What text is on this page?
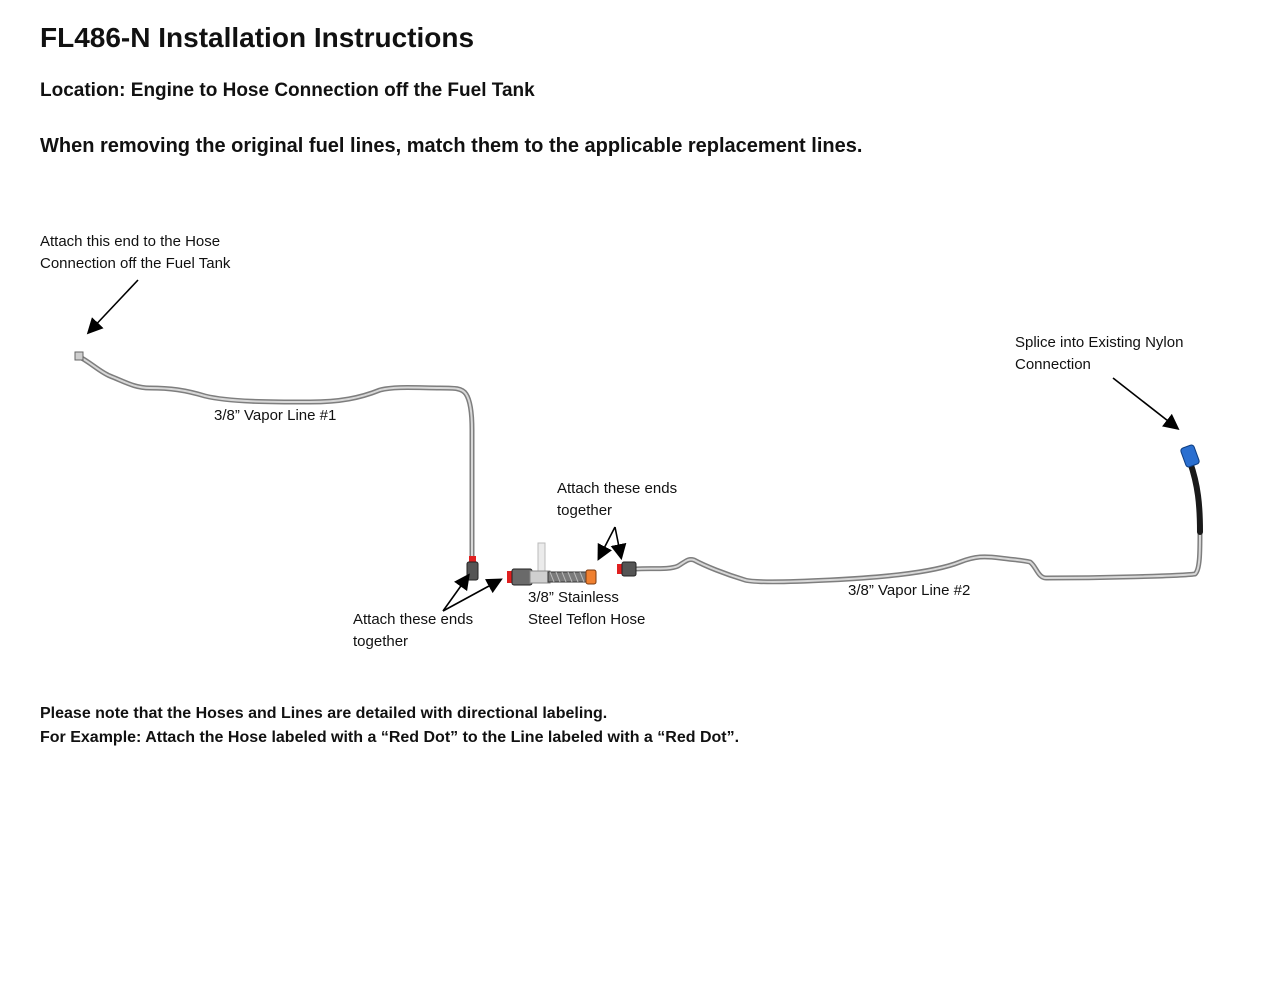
FL486-N Installation Instructions

Location: Engine to Hose Connection off the Fuel Tank

When removing the original fuel lines, match them to the applicable replacement lines.

Attach this end to the Hose
Connection off the Fuel Tank
3/8” Vapor Line #1
Attach these ends
together
3/8” Stainless
Steel Teflon Hose
Attach these ends
together
3/8” Vapor Line #2
Splice into Existing Nylon
Connection
Please note that the Hoses and Lines are detailed with directional labeling.
For Example: Attach the Hose labeled with a “Red Dot” to the Line labeled with a “Red Dot”.
